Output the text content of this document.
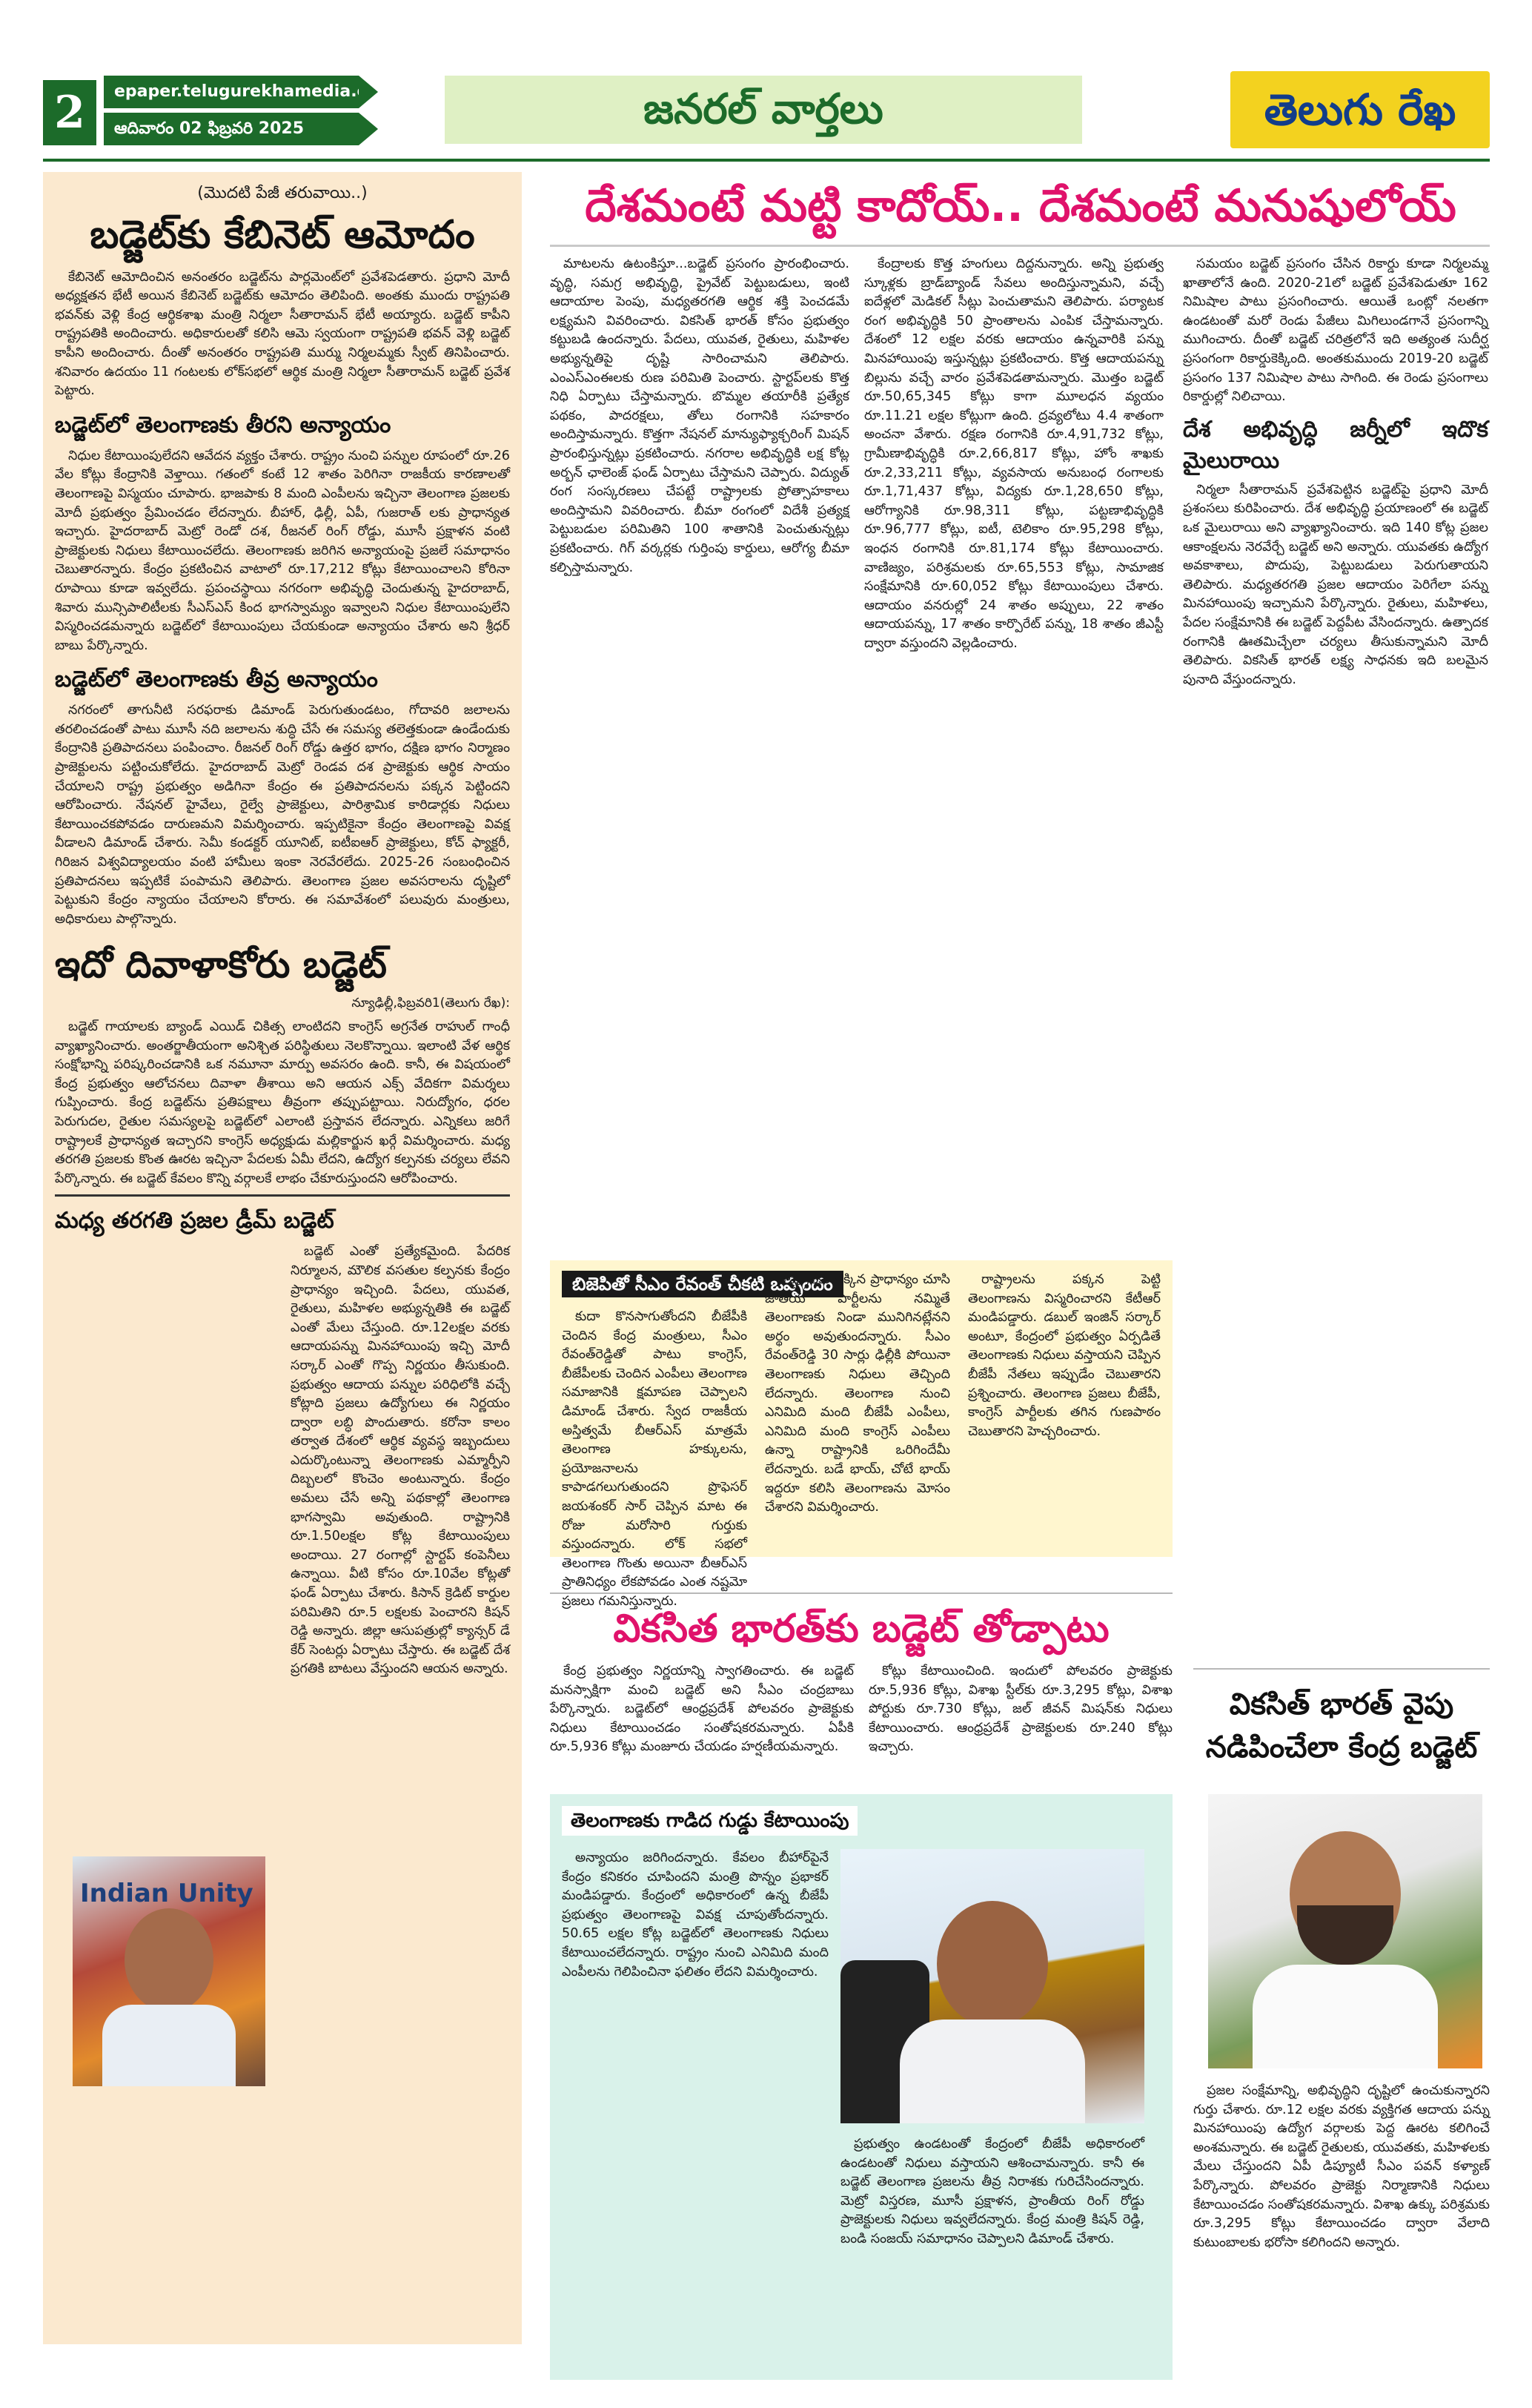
2	epaper.telugurekhamedia.com
ఆదివారం 02 ఫిబ్రవరి 2025	జనరల్ వార్తలు	తెలుగు రేఖ
(మొదటి పేజీ తరువాయి..)
బడ్జెట్‌కు కేబినెట్ ఆమోదం

కేబినెట్ ఆమోదించిన అనంతరం బడ్జెట్‌ను పార్లమెంట్‌లో ప్రవేశపెడతారు. ప్రధాని మోదీ అధ్యక్షతన భేటీ అయిన కేబినెట్ బడ్జెట్‌కు ఆమోదం తెలిపింది. అంతకు ముందు రాష్ట్రపతి భవన్‌కు వెళ్లి కేంద్ర ఆర్థికశాఖ మంత్రి నిర్మలా సీతారామన్ భేటీ అయ్యారు. బడ్జెట్ కాపీని రాష్ట్రపతికి అందించారు. అధికారులతో కలిసి ఆమె స్వయంగా రాష్ట్రపతి భవన్ వెళ్లి బడ్జెట్ కాపీని అందించారు. దీంతో అనంతరం రాష్ట్రపతి ముర్ము నిర్మలమ్మకు స్వీట్ తినిపించారు. శనివారం ఉదయం 11 గంటలకు లోక్‌సభలో ఆర్థిక మంత్రి నిర్మలా సీతారామన్ బడ్జెట్ ప్రవేశ పెట్టారు.

బడ్జెట్‌లో తెలంగాణకు తీరని అన్యాయం

నిధుల కేటాయింపులేదని ఆవేదన వ్యక్తం చేశారు. రాష్ట్రం నుంచి పన్నుల రూపంలో రూ.26 వేల కోట్లు కేంద్రానికి వెళ్తాయి. గతంలో కంటే 12 శాతం పెరిగినా రాజకీయ కారణాలతో తెలంగాణపై విస్మయం చూపారు. భాజపాకు 8 మంది ఎంపీలను ఇచ్చినా తెలంగాణ ప్రజలకు మోదీ ప్రభుత్వం ప్రేమించడం లేదన్నారు. బీహార్, ఢిల్లీ, ఏపీ, గుజరాత్ లకు ప్రాధాన్యత ఇచ్చారు. హైదరాబాద్ మెట్రో రెండో దశ, రీజనల్ రింగ్ రోడ్డు, మూసీ ప్రక్షాళన వంటి ప్రాజెక్టులకు నిధులు కేటాయించలేదు. తెలంగాణకు జరిగిన అన్యాయంపై ప్రజలే సమాధానం చెబుతారన్నారు. కేంద్రం ప్రకటించిన వాటాలో రూ.17,212 కోట్లు కేటాయించాలని కోరినా రూపాయి కూడా ఇవ్వలేదు. ప్రపంచస్థాయి నగరంగా అభివృద్ధి చెందుతున్న హైదరాబాద్, శివారు మున్సిపాలిటీలకు సీఎస్ఎస్ కింద భాగస్వామ్యం ఇవ్వాలని నిధుల కేటాయింపులేని విస్మరించడమన్నారు బడ్జెట్‌లో కేటాయింపులు చేయకుండా అన్యాయం చేశారు అని శ్రీధర్ బాబు పేర్కొన్నారు.

బడ్జెట్‌లో తెలంగాణకు తీవ్ర అన్యాయం

నగరంలో తాగునీటి సరఫరాకు డిమాండ్ పెరుగుతుండటం, గోదావరి జలాలను తరలించడంతో పాటు మూసీ నది జలాలను శుద్ధి చేసే ఈ సమస్య తలెత్తకుండా ఉండేందుకు కేంద్రానికి ప్రతిపాదనలు పంపించాం. రీజనల్ రింగ్ రోడ్డు ఉత్తర భాగం, దక్షిణ భాగం నిర్మాణం ప్రాజెక్టులను పట్టించుకోలేదు. హైదరాబాద్ మెట్రో రెండవ దశ ప్రాజెక్టుకు ఆర్థిక సాయం చేయాలని రాష్ట్ర ప్రభుత్వం అడిగినా కేంద్రం ఈ ప్రతిపాదనలను పక్కన పెట్టిందని ఆరోపించారు. నేషనల్ హైవేలు, రైల్వే ప్రాజెక్టులు, పారిశ్రామిక కారిడార్లకు నిధులు కేటాయించకపోవడం దారుణమని విమర్శించారు. ఇప్పటికైనా కేంద్రం తెలంగాణపై వివక్ష వీడాలని డిమాండ్ చేశారు. సెమీ కండక్టర్ యూనిట్, ఐటీఐఆర్ ప్రాజెక్టులు, కోచ్ ఫ్యాక్టరీ, గిరిజన విశ్వవిద్యాలయం వంటి హామీలు ఇంకా నెరవేరలేదు. 2025-26 సంబంధించిన ప్రతిపాదనలు ఇప్పటికే పంపామని తెలిపారు. తెలంగాణ ప్రజల అవసరాలను దృష్టిలో పెట్టుకుని కేంద్రం న్యాయం చేయాలని కోరారు. ఈ సమావేశంలో పలువురు మంత్రులు, అధికారులు పాల్గొన్నారు.

ఇదో దివాళాకోరు బడ్జెట్
న్యూఢిల్లీ,ఫిబ్రవరి1(తెలుగు రేఖ):

బడ్జెట్ గాయాలకు బ్యాండ్ ఎయిడ్ చికిత్స లాంటిదని కాంగ్రెస్ అగ్రనేత రాహుల్ గాంధీ వ్యాఖ్యానించారు. అంతర్జాతీయంగా అనిశ్చిత పరిస్థితులు నెలకొన్నాయి. ఇలాంటి వేళ ఆర్థిక సంక్షోభాన్ని పరిష్కరించడానికి ఒక నమూనా మార్పు అవసరం ఉంది. కానీ, ఈ విషయంలో కేంద్ర ప్రభుత్వం ఆలోచనలు దివాళా తీశాయి అని ఆయన ఎక్స్ వేదికగా విమర్శలు గుప్పించారు. కేంద్ర బడ్జెట్‌ను ప్రతిపక్షాలు తీవ్రంగా తప్పుపట్టాయి. నిరుద్యోగం, ధరల పెరుగుదల, రైతుల సమస్యలపై బడ్జెట్‌లో ఎలాంటి ప్రస్తావన లేదన్నారు. ఎన్నికలు జరిగే రాష్ట్రాలకే ప్రాధాన్యత ఇచ్చారని కాంగ్రెస్ అధ్యక్షుడు మల్లికార్జున ఖర్గే విమర్శించారు. మధ్య తరగతి ప్రజలకు కొంత ఊరట ఇచ్చినా పేదలకు ఏమీ లేదని, ఉద్యోగ కల్పనకు చర్యలు లేవని పేర్కొన్నారు. ఈ బడ్జెట్ కేవలం కొన్ని వర్గాలకే లాభం చేకూరుస్తుందని ఆరోపించారు.

మధ్య తరగతి ప్రజల డ్రీమ్ బడ్జెట్

బడ్జెట్ ఎంతో ప్రత్యేకమైంది. పేదరిక నిర్మూలన, మౌలిక వసతుల కల్పనకు కేంద్రం ప్రాధాన్యం ఇచ్చింది. పేదలు, యువత, రైతులు, మహిళల అభ్యున్నతికి ఈ బడ్జెట్ ఎంతో మేలు చేస్తుంది. రూ.12లక్షల వరకు ఆదాయపన్ను మినహాయింపు ఇచ్చి మోదీ సర్కార్ ఎంతో గొప్ప నిర్ణయం తీసుకుంది. ప్రభుత్వం ఆదాయ పన్నుల పరిధిలోకి వచ్చే కోట్లాది ప్రజలు ఉద్యోగులు ఈ నిర్ణయం ద్వారా లబ్ధి పొందుతారు. కరోనా కాలం తర్వాత దేశంలో ఆర్థిక వ్యవస్థ ఇబ్బందులు ఎదుర్కొంటున్నా తెలంగాణకు ఎమ్మార్పీని దిబ్బలలో కొంచెం అంటున్నారు. కేంద్రం అమలు చేసే అన్ని పథకాల్లో తెలంగాణ భాగస్వామి అవుతుంది. రాష్ట్రానికి రూ.1.50లక్షల కోట్ల కేటాయింపులు అందాయి. 27 రంగాల్లో స్టార్టప్ కంపెనీలు ఉన్నాయి. వీటి కోసం రూ.10వేల కోట్లతో ఫండ్ ఏర్పాటు చేశారు. కిసాన్ క్రెడిట్ కార్డుల పరిమితిని రూ.5 లక్షలకు పెంచారని కిషన్ రెడ్డి అన్నారు. జిల్లా ఆసుపత్రుల్లో క్యాన్సర్ డే కేర్ సెంటర్లు ఏర్పాటు చేస్తారు. ఈ బడ్జెట్ దేశ ప్రగతికి బాటలు వేస్తుందని ఆయన అన్నారు.

Indian Unity
దేశమంటే మట్టి కాదోయ్.. దేశమంటే మనుషులోయ్

మాటలను ఉటంకిస్తూ...బడ్జెట్ ప్రసంగం ప్రారంభించారు. వృద్ధి, సమగ్ర అభివృద్ధి, ప్రైవేట్ పెట్టుబడులు, ఇంటి ఆదాయాల పెంపు, మధ్యతరగతి ఆర్థిక శక్తి పెంచడమే లక్ష్యమని వివరించారు. వికసిత్ భారత్ కోసం ప్రభుత్వం కట్టుబడి ఉందన్నారు. పేదలు, యువత, రైతులు, మహిళల అభ్యున్నతిపై దృష్టి సారించామని తెలిపారు. ఎంఎస్ఎంఈలకు రుణ పరిమితి పెంచారు. స్టార్టప్‌లకు కొత్త నిధి ఏర్పాటు చేస్తామన్నారు. బొమ్మల తయారీకి ప్రత్యేక పథకం, పాదరక్షలు, తోలు రంగానికి సహకారం అందిస్తామన్నారు. కొత్తగా నేషనల్ మాన్యుఫ్యాక్చరింగ్ మిషన్ ప్రారంభిస్తున్నట్లు ప్రకటించారు. నగరాల అభివృద్ధికి లక్ష కోట్ల అర్బన్ ఛాలెంజ్ ఫండ్ ఏర్పాటు చేస్తామని చెప్పారు. విద్యుత్ రంగ సంస్కరణలు చేపట్టే రాష్ట్రాలకు ప్రోత్సాహకాలు అందిస్తామని వివరించారు. బీమా రంగంలో విదేశీ ప్రత్యక్ష పెట్టుబడుల పరిమితిని 100 శాతానికి పెంచుతున్నట్లు ప్రకటించారు. గిగ్ వర్కర్లకు గుర్తింపు కార్డులు, ఆరోగ్య బీమా కల్పిస్తామన్నారు.

కేంద్రాలకు కొత్త హంగులు దిద్దనున్నారు. అన్ని ప్రభుత్వ స్కూళ్లకు బ్రాడ్‌బ్యాండ్ సేవలు అందిస్తున్నామని, వచ్చే ఐదేళ్లలో మెడికల్ సీట్లు పెంచుతామని తెలిపారు. పర్యాటక రంగ అభివృద్ధికి 50 ప్రాంతాలను ఎంపిక చేస్తామన్నారు. దేశంలో 12 లక్షల వరకు ఆదాయం ఉన్నవారికి పన్ను మినహాయింపు ఇస్తున్నట్లు ప్రకటించారు. కొత్త ఆదాయపన్ను బిల్లును వచ్చే వారం ప్రవేశపెడతామన్నారు. మొత్తం బడ్జెట్ రూ.50,65,345 కోట్లు కాగా మూలధన వ్యయం రూ.11.21 లక్షల కోట్లుగా ఉంది. ద్రవ్యలోటు 4.4 శాతంగా అంచనా వేశారు. రక్షణ రంగానికి రూ.4,91,732 కోట్లు, గ్రామీణాభివృద్ధికి రూ.2,66,817 కోట్లు, హోం శాఖకు రూ.2,33,211 కోట్లు, వ్యవసాయ అనుబంధ రంగాలకు రూ.1,71,437 కోట్లు, విద్యకు రూ.1,28,650 కోట్లు, ఆరోగ్యానికి రూ.98,311 కోట్లు, పట్టణాభివృద్ధికి రూ.96,777 కోట్లు, ఐటీ, టెలికాం రూ.95,298 కోట్లు, ఇంధన రంగానికి రూ.81,174 కోట్లు కేటాయించారు. వాణిజ్యం, పరిశ్రమలకు రూ.65,553 కోట్లు, సామాజిక సంక్షేమానికి రూ.60,052 కోట్లు కేటాయింపులు చేశారు. ఆదాయం వనరుల్లో 24 శాతం అప్పులు, 22 శాతం ఆదాయపన్ను, 17 శాతం కార్పొరేట్ పన్ను, 18 శాతం జీఎస్టీ ద్వారా వస్తుందని వెల్లడించారు.

సమయం బడ్జెట్ ప్రసంగం చేసిన రికార్డు కూడా నిర్మలమ్మ ఖాతాలోనే ఉంది. 2020-21లో బడ్జెట్ ప్రవేశపెడుతూ 162 నిమిషాల పాటు ప్రసంగించారు. ఆయితే ఒంట్లో నలతగా ఉండటంతో మరో రెండు పేజీలు మిగిలుండగానే ప్రసంగాన్ని ముగించారు. దీంతో బడ్జెట్ చరిత్రలోనే ఇది అత్యంత సుదీర్ఘ ప్రసంగంగా రికార్డుకెక్కింది. అంతకుముందు 2019-20 బడ్జెట్ ప్రసంగం 137 నిమిషాల పాటు సాగింది. ఈ రెండు ప్రసంగాలు రికార్డుల్లో నిలిచాయి.

దేశ అభివృద్ధి జర్నీలో ఇదొక మైలురాయి

నిర్మలా సీతారామన్ ప్రవేశపెట్టిన బడ్జెట్‌పై ప్రధాని మోదీ ప్రశంసలు కురిపించారు. దేశ అభివృద్ధి ప్రయాణంలో ఈ బడ్జెట్ ఒక మైలురాయి అని వ్యాఖ్యానించారు. ఇది 140 కోట్ల ప్రజల ఆకాంక్షలను నెరవేర్చే బడ్జెట్ అని అన్నారు. యువతకు ఉద్యోగ అవకాశాలు, పొదుపు, పెట్టుబడులు పెరుగుతాయని తెలిపారు. మధ్యతరగతి ప్రజల ఆదాయం పెరిగేలా పన్ను మినహాయింపు ఇచ్చామని పేర్కొన్నారు. రైతులు, మహిళలు, పేదల సంక్షేమానికి ఈ బడ్జెట్ పెద్దపీట వేసిందన్నారు. ఉత్పాదక రంగానికి ఊతమిచ్చేలా చర్యలు తీసుకున్నామని మోదీ తెలిపారు. వికసిత్ భారత్ లక్ష్య సాధనకు ఇది బలమైన పునాది వేస్తుందన్నారు.

బిజెపితో సీఎం రేవంత్ చీకటి ఒప్పందం

కుదా కొనసాగుతోందని బీజేపీకి చెందిన కేంద్ర మంత్రులు, సీఎం రేవంత్‌రెడ్డితో పాటు కాంగ్రెస్, బీజేపీలకు చెందిన ఎంపీలు తెలంగాణ సమాజానికి క్షమాపణ చెప్పాలని డిమాండ్ చేశారు. స్వేద రాజకీయ అస్తిత్వమే బీఆర్ఎస్ మాత్రమే తెలంగాణ హక్కులను, ప్రయోజనాలను కాపాడగలుగుతుందని ప్రొఫెసర్ జయశంకర్ సార్ చెప్పిన మాట ఈ రోజు మరోసారి గుర్తుకు వస్తుందన్నారు. లోక్ సభలో తెలంగాణ గొంతు అయినా బీఆర్ఎస్ ప్రాతినిధ్యం లేకపోవడం ఎంత నష్టమో ప్రజలు గమనిస్తున్నారు.

రాష్ట్రాలకు దక్కిన ప్రాధాన్యం చూసి జాతీయ పార్టీలను నమ్మితే తెలంగాణకు నిండా మునిగినట్లేనని అర్థం అవుతుందన్నారు. సీఎం రేవంత్‌రెడ్డి 30 సార్లు ఢిల్లీకి పోయినా తెలంగాణకు నిధులు తెచ్చింది లేదన్నారు. తెలంగాణ నుంచి ఎనిమిది మంది బీజేపీ ఎంపీలు, ఎనిమిది మంది కాంగ్రెస్ ఎంపీలు ఉన్నా రాష్ట్రానికి ఒరిగిందేమీ లేదన్నారు. బడే భాయ్, చోటే భాయ్ ఇద్దరూ కలిసి తెలంగాణను మోసం చేశారని విమర్శించారు.

రాష్ట్రాలను పక్కన పెట్టి తెలంగాణను విస్మరించారని కేటీఆర్ మండిపడ్డారు. డబుల్ ఇంజిన్ సర్కార్ అంటూ, కేంద్రంలో ప్రభుత్వం ఏర్పడితే తెలంగాణకు నిధులు వస్తాయని చెప్పిన బీజేపీ నేతలు ఇప్పుడేం చెబుతారని ప్రశ్నించారు. తెలంగాణ ప్రజలు బీజేపీ, కాంగ్రెస్ పార్టీలకు తగిన గుణపాఠం చెబుతారని హెచ్చరించారు.

వికసిత భారత్‌కు బడ్జెట్ తోడ్పాటు

కేంద్ర ప్రభుత్వం నిర్ణయాన్ని స్వాగతించారు. ఈ బడ్జెట్ మనస్సాక్షిగా మంచి బడ్జెట్ అని సీఎం చంద్రబాబు పేర్కొన్నారు. బడ్జెట్‌లో ఆంధ్రప్రదేశ్ పోలవరం ప్రాజెక్టుకు నిధులు కేటాయించడం సంతోషకరమన్నారు. ఏపీకి రూ.5,936 కోట్లు మంజూరు చేయడం హర్షణీయమన్నారు.

కోట్లు కేటాయించింది. ఇందులో పోలవరం ప్రాజెక్టుకు రూ.5,936 కోట్లు, విశాఖ స్టీల్‌కు రూ.3,295 కోట్లు, విశాఖ పోర్టుకు రూ.730 కోట్లు, జల్ జీవన్ మిషన్‌కు నిధులు కేటాయించారు. ఆంధ్రప్రదేశ్ ప్రాజెక్టులకు రూ.240 కోట్లు ఇచ్చారు.

తెలంగాణకు గాడిద గుడ్డు కేటాయింపు

అన్యాయం జరిగిందన్నారు. కేవలం బీహార్‌పైనే కేంద్రం కనికరం చూపిందని మంత్రి పొన్నం ప్రభాకర్ మండిపడ్డారు. కేంద్రంలో అధికారంలో ఉన్న బీజేపీ ప్రభుత్వం తెలంగాణపై వివక్ష చూపుతోందన్నారు. 50.65 లక్షల కోట్ల బడ్జెట్‌లో తెలంగాణకు నిధులు కేటాయించలేదన్నారు. రాష్ట్రం నుంచి ఎనిమిది మంది ఎంపీలను గెలిపించినా ఫలితం లేదని విమర్శించారు.

ప్రభుత్వం ఉండటంతో కేంద్రంలో బీజేపీ అధికారంలో ఉండటంతో నిధులు వస్తాయని ఆశించామన్నారు. కానీ ఈ బడ్జెట్ తెలంగాణ ప్రజలను తీవ్ర నిరాశకు గురిచేసిందన్నారు. మెట్రో విస్తరణ, మూసీ ప్రక్షాళన, ప్రాంతీయ రింగ్ రోడ్డు ప్రాజెక్టులకు నిధులు ఇవ్వలేదన్నారు. కేంద్ర మంత్రి కిషన్ రెడ్డి, బండి సంజయ్ సమాధానం చెప్పాలని డిమాండ్ చేశారు.

వికసిత్ భారత్ వైపు నడిపించేలా కేంద్ర బడ్జెట్

ప్రజల సంక్షేమాన్ని, అభివృద్ధిని దృష్టిలో ఉంచుకున్నారని గుర్తు చేశారు. రూ.12 లక్షల వరకు వ్యక్తిగత ఆదాయ పన్ను మినహాయింపు ఉద్యోగ వర్గాలకు పెద్ద ఊరట కలిగించే అంశమన్నారు. ఈ బడ్జెట్ రైతులకు, యువతకు, మహిళలకు మేలు చేస్తుందని ఏపీ డిప్యూటీ సీఎం పవన్ కళ్యాణ్ పేర్కొన్నారు. పోలవరం ప్రాజెక్టు నిర్మాణానికి నిధులు కేటాయించడం సంతోషకరమన్నారు. విశాఖ ఉక్కు పరిశ్రమకు రూ.3,295 కోట్లు కేటాయించడం ద్వారా వేలాది కుటుంబాలకు భరోసా కలిగిందని అన్నారు.
